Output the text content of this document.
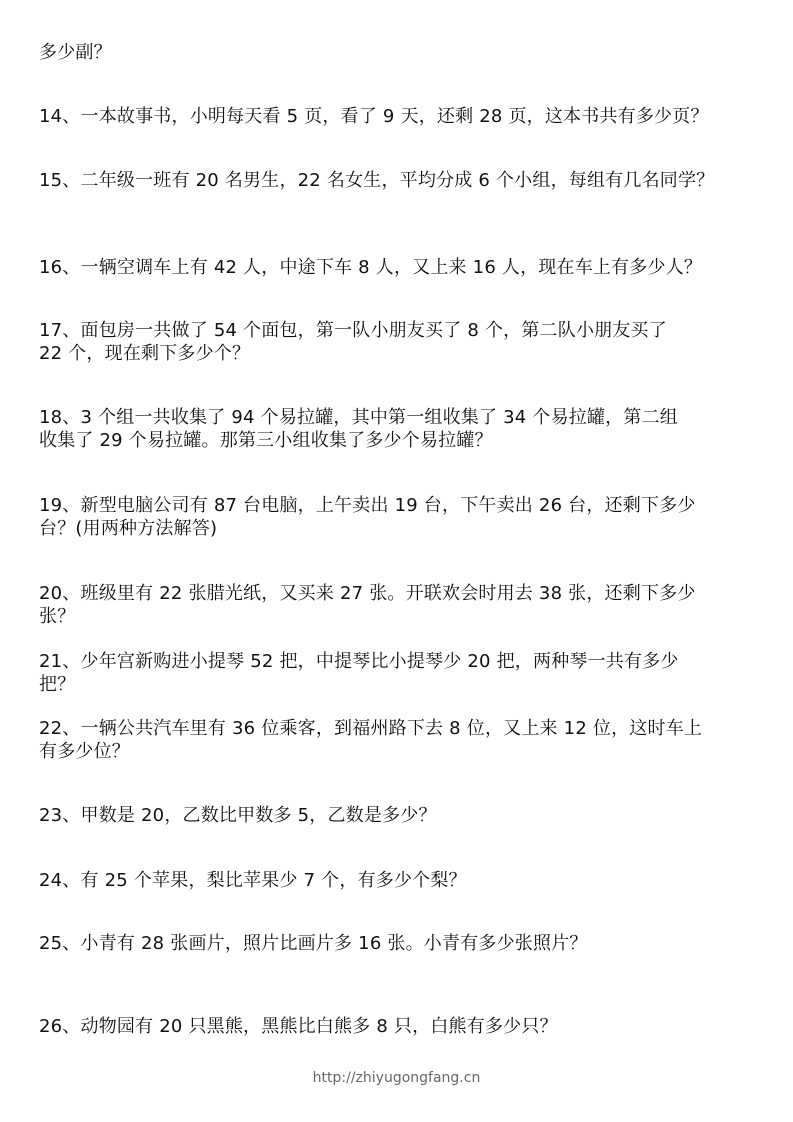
多少副？
14、一本故事书，小明每天看 5 页，看了 9 天，还剩 28 页，这本书共有多少页？
15、二年级一班有 20 名男生，22 名女生，平均分成 6 个小组，每组有几名同学？
16、一辆空调车上有 42 人，中途下车 8 人，又上来 16 人，现在车上有多少人？
17、面包房一共做了 54 个面包，第一队小朋友买了 8 个，第二队小朋友买了
22 个，现在剩下多少个？
18、3 个组一共收集了 94 个易拉罐，其中第一组收集了 34 个易拉罐，第二组
收集了 29 个易拉罐。那第三小组收集了多少个易拉罐？
19、新型电脑公司有 87 台电脑，上午卖出 19 台，下午卖出 26 台，还剩下多少
台？(用两种方法解答)
20、班级里有 22 张腊光纸，又买来 27 张。开联欢会时用去 38 张，还剩下多少
张？
21、少年宫新购进小提琴 52 把，中提琴比小提琴少 20 把，两种琴一共有多少
把？
22、一辆公共汽车里有 36 位乘客，到福州路下去 8 位，又上来 12 位，这时车上
有多少位？
23、甲数是 20，乙数比甲数多 5，乙数是多少？
24、有 25 个苹果，梨比苹果少 7 个，有多少个梨？
25、小青有 28 张画片，照片比画片多 16 张。小青有多少张照片？
26、动物园有 20 只黑熊，黑熊比白熊多 8 只，白熊有多少只？
http://zhiyugongfang.cn
